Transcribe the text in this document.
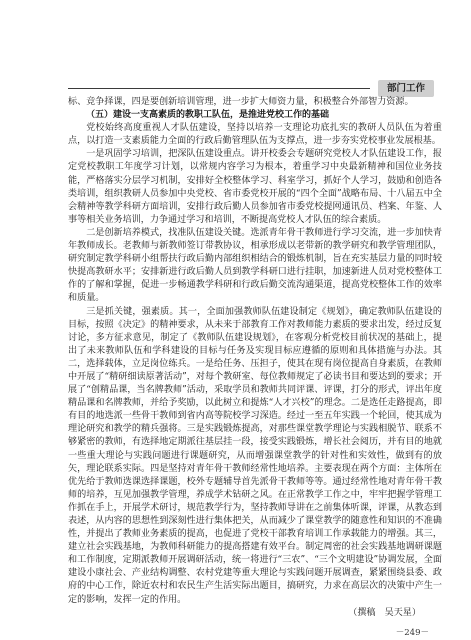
部门工作

标、竞争择课，四是要创新培训管理，进一步扩大师资力量，积极整合外部智力资源。

（五）建设一支高素质的教职工队伍，是推进党校工作的基础

党校始终高度重视人才队伍建设，坚持以培养一支理论功底扎实的教研人员队伍为着重点，以打造一支素质能力全面的行政后勤管理队伍为支撑点，进一步夯实党校事业发展根基。

一是巩固学习培训，把深队伍建设重点。讲开校委会专题研究党校人才队伍建设工作，报定党校教职工年度学习计划，以常规内容学习为根本，着重学习中央最新精神和国位业务技能，严格落实分层学习机制，安排好全校整体学习、科室学习，抓好个人学习，鼓励和创造各类培训，组织教研人员参加中央党校、省市委党校开展的“四个全面”战略布局、十八届五中全会精神等教学科研方面培训，安排行政后勤人员参加省市委党校提网通讯员、档案、年鉴、人事等相关业务培训，力争通过学习和培训，不断提高党校人才队伍的综合素质。

二是创新培养模式，找准队伍建设关键。选派青年骨干教师进行学习交流，进一步加快青年教师成长。老教师与新教师签订带教协议，相承形成以老带新的教学研究和教学管理团队，研究制定教学科研小组帮扶行政后勤内部组织相结合的锻炼机制，旨在充实基层力量的同时较快提高教研水平；安排新进行政后勤人员到教学科研口进行挂职，加速新进人员对党校整体工作的了解和掌握，促进一步畅通教学科研和行政后勤交流沟通渠道，提高党校整体工作的效率和质量。

三是抓关键，强素质。其一，全面加强教师队伍建设制定《规划》，确定教师队伍建设的目标，按照《决定》的精神要求，从未来于部教育工作对教师能力素质的要求出发，经过反复讨论，多方征求意见，制定了《教师队伍建设规划》，在客观分析党校目前状况的基础上，提出了未来教师队伍和学科建设的目标与任务及实现目标应遵循的原则和具体措施与办法。其二，选择载体，立足岗位练兵。一是给任务、压担子，使其在现有岗位提高自身素质，在教师中开展了“精研细读原著活动”，对每个教研室、每位教师规定了必读书目和要达到的要求；开展了“创精品课，当名牌教师”活动，采取学员和教师共同评课、评课，打分的形式，评出年度精品课和名牌教师，并给予奖励，以此树立和提炼“人才兴校”的理念。二是选任走路提高，即有目的地选派一些骨干教师到省内高等院校学习深造。经过一至五年实践一个轮回，使其成为理论研究和教学的精兵强将。三是实践锻炼提高，对那些课堂教学理论与实践相脱节、联系不够紧密的教师，有选择地定期派往基层挂一段，接受实践锻炼，增长社会阅历，并有目的地就一些重大理论与实践问题进行课题研究，从而增强课堂教学的针对性和实效性，做到有的放矢，理论联系实际。四是坚持对青年骨干教师经常性地培养。主要表现在两个方面：主体所在优先给于教师选课选择课题，校外专题辅导首先派骨干教师等等。通过经常性地对青年骨干教师的培养，互见加强教学管理，养成学术钻研之风。在正常教学工作之中，牢牢把握学管理工作抓在手上，开展学术研讨，规范教学行为，坚持教师导讲在之前集体听课，评课，从教态到表述，从内容的思想性到深刻性进行集体把关，从而减少了课堂教学的随意性和知识的不准确性，并提出了教师业务素质的提高，也促进了党校干部教育培训工作承载能力的增强。其三，建立社会实践基地，为教师科研能力的提高搭建有效平台。制定周密的社会实践基地调研课题和工作制度，定期派教师开展调研活动，统一将进行“三农”、“三个文明建设”协调发展，全面建设小康社会、产业结构调整、农村党建等重大理论与实践问题开展调查，紧紧围绕县委、政府的中心工作，除近农村和农民生产生活实际出题目，搞研究，力求在高层次的决策中产生一定的影响，发挥一定的作用。

（撰稿　吴天星）
－249－
